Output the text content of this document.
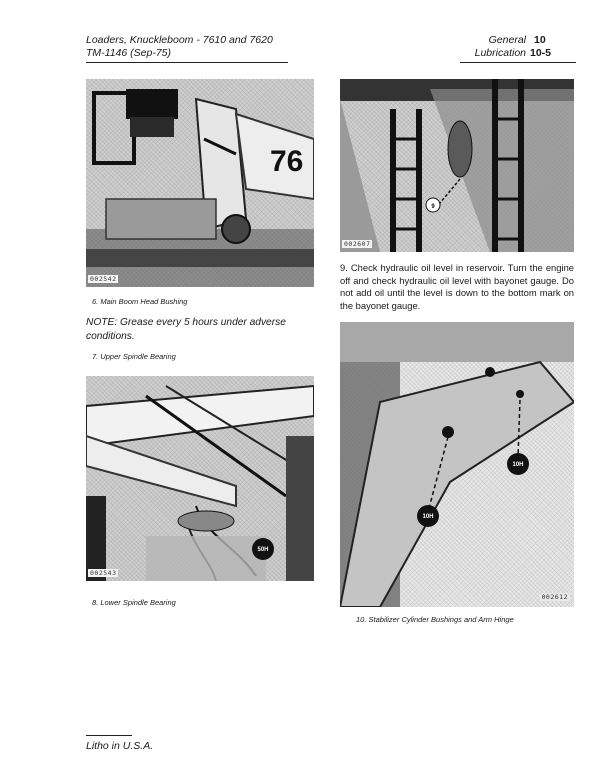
Loaders, Knuckleboom - 7610 and 7620
TM-1146 (Sep-75)
General 10
Lubrication 10-5
76
002542
6. Main Boom Head Bushing
NOTE: Grease every 5 hours under adverse conditions.
7. Upper Spindle Bearing
50H
002543
8. Lower Spindle Bearing
9
002607
9. Check hydraulic oil level in reservoir. Turn the engine off and check hydraulic oil level with bayonet gauge. Do not add oil until the level is down to the bottom mark on the bayonet gauge.
10H
10H
002612
10. Stabilizer Cylinder Bushings and Arm Hinge
Litho in U.S.A.
